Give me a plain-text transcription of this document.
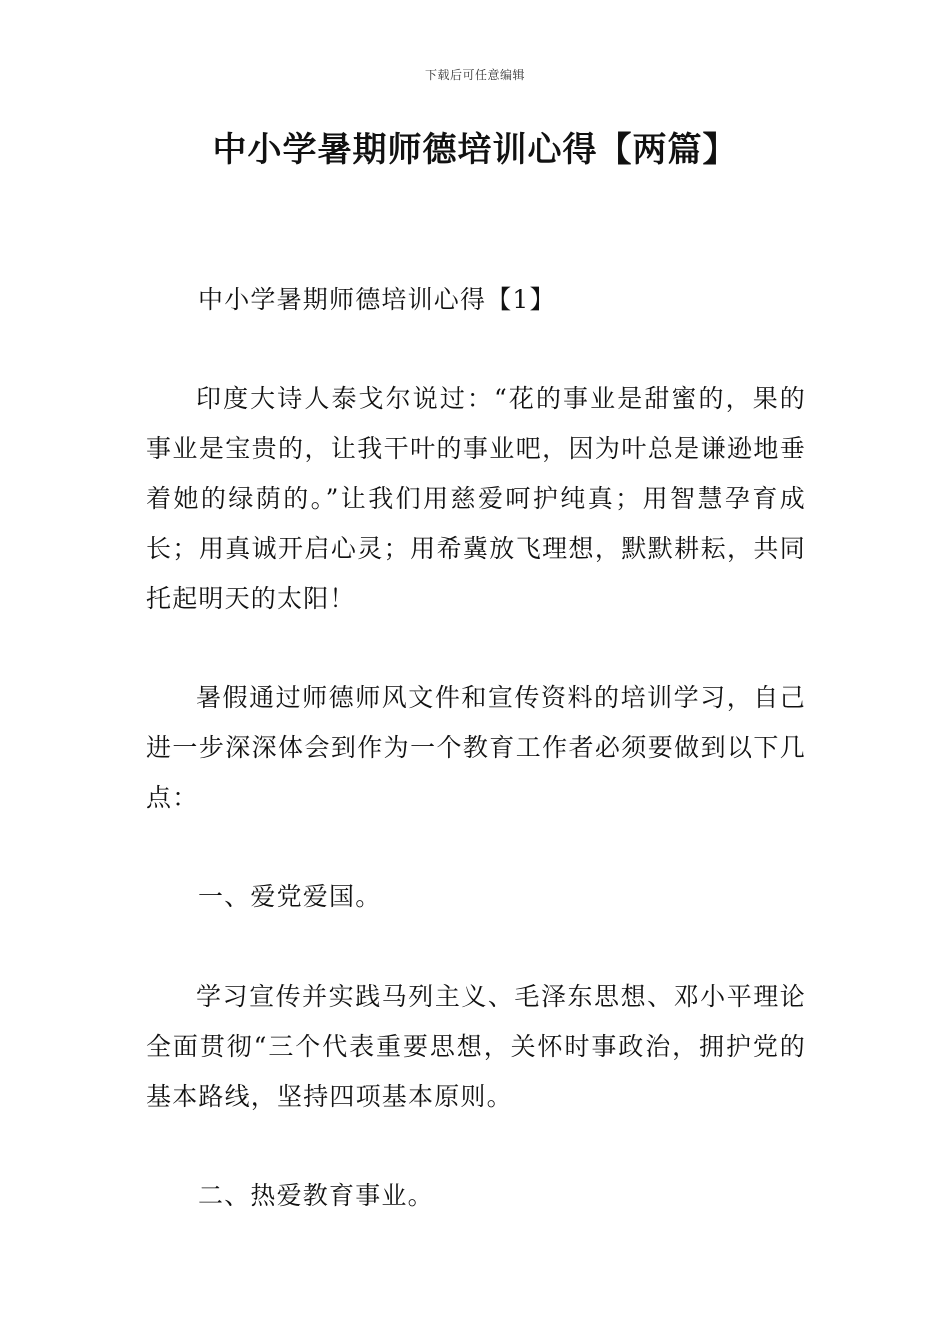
下载后可任意编辑
中小学暑期师德培训心得【两篇】
中小学暑期师德培训心得【1】

印度大诗人泰戈尔说过：“花的事业是甜蜜的，果的事业是宝贵的，让我干叶的事业吧，因为叶总是谦逊地垂着她的绿荫的。”让我们用慈爱呵护纯真；用智慧孕育成长；用真诚开启心灵；用希冀放飞理想，默默耕耘，共同托起明天的太阳！

暑假通过师德师风文件和宣传资料的培训学习，自己进一步深深体会到作为一个教育工作者必须要做到以下几点：

一、爱党爱国。

学习宣传并实践马列主义、毛泽东思想、邓小平理论全面贯彻“三个代表重要思想，关怀时事政治，拥护党的基本路线，坚持四项基本原则。

二、热爱教育事业。
